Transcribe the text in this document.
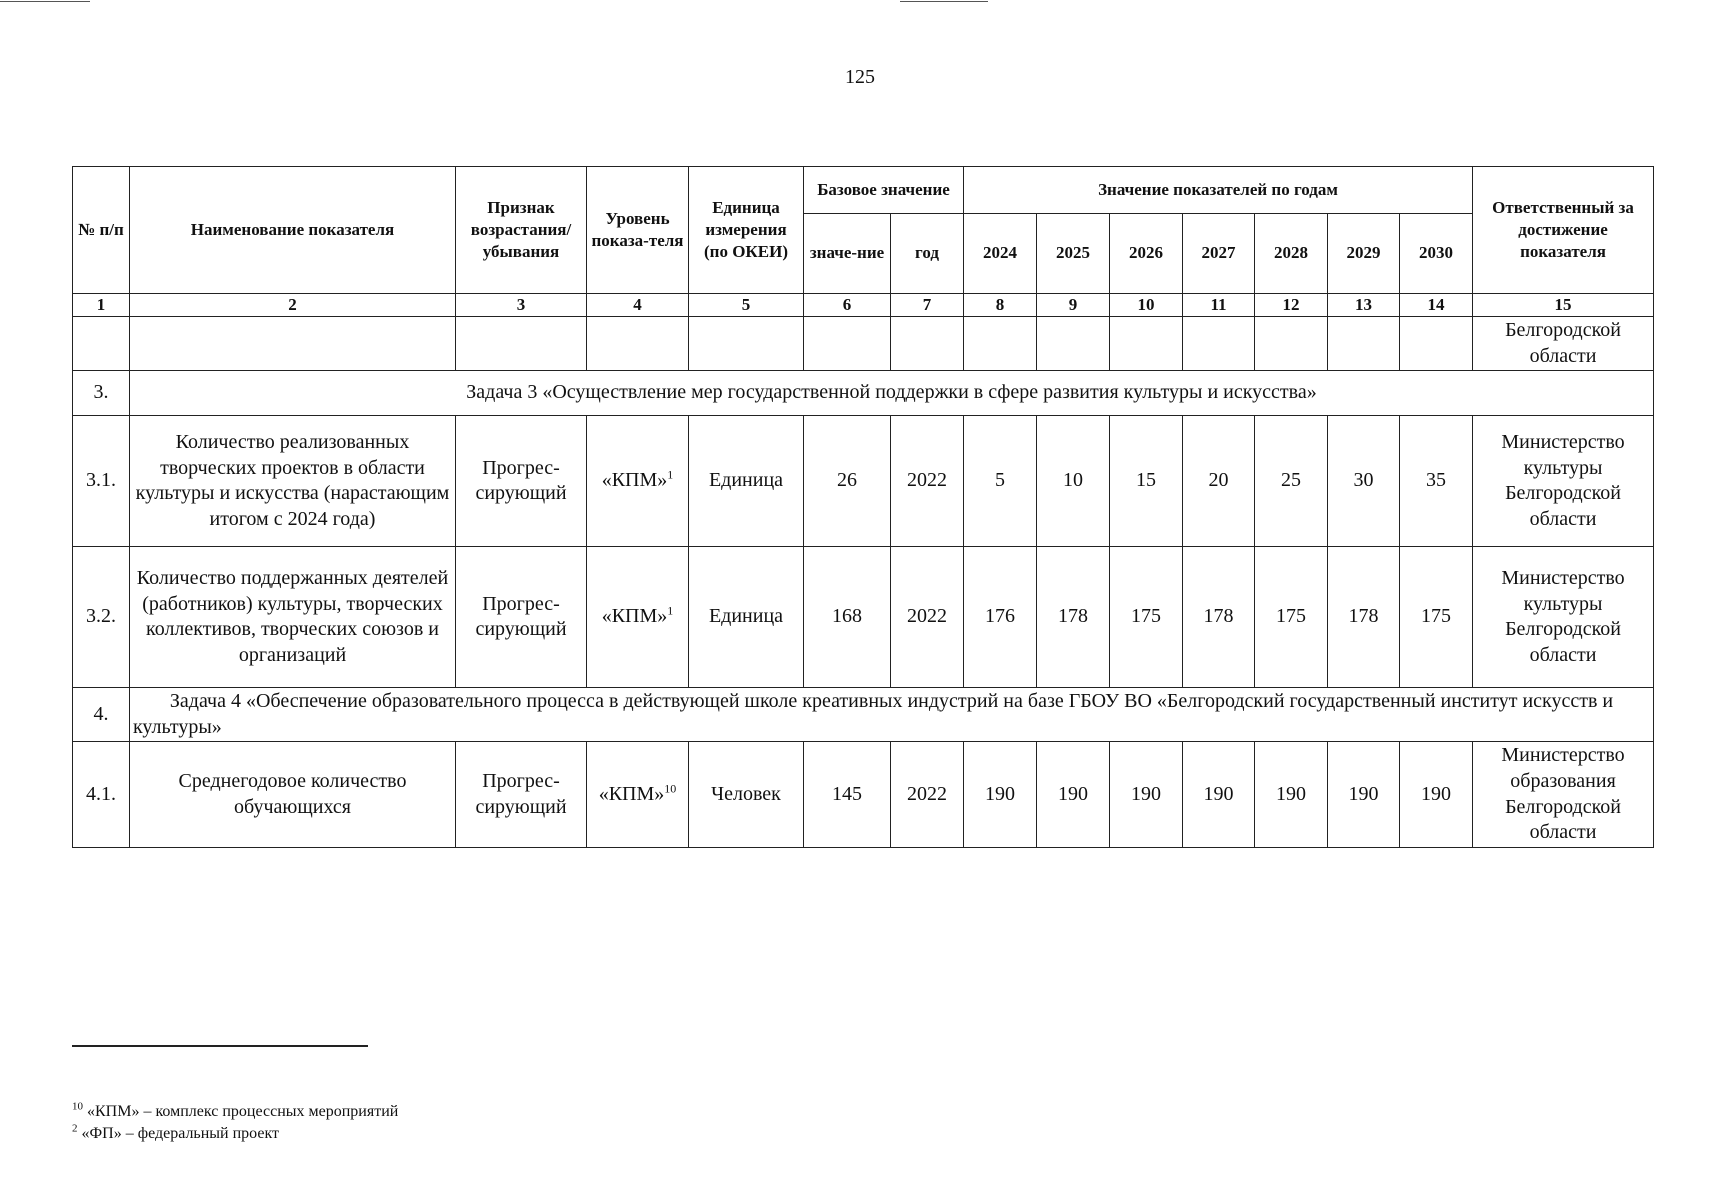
125
№ п/п	Наименование показателя	Признак возрастания/ убывания	Уровень показа-теля	Единица измерения (по ОКЕИ)	Базовое значение		Значение показателей по годам							Ответственный за достижение показателя
					значе-ние	год	2024	2025	2026	2027	2028	2029	2030	
1	2	3	4	5	6	7	8	9	10	11	12	13	14	15
														Белгородской области
3.	Задача 3 «Осуществление мер государственной поддержки в сфере развития культуры и искусства»													
3.1.	Количество реализованных творческих проектов в области культуры и искусства (нарастающим итогом с 2024 года)	Прогрес-сирующий	«КПМ»$^1$	Единица	26	2022	5	10	15	20	25	30	35	Министерство культуры Белгородской области
3.2.	Количество поддержанных деятелей (работников) культуры, творческих коллективов, творческих союзов и организаций	Прогрес-сирующий	«КПМ»$^1$	Единица	168	2022	176	178	175	178	175	178	175	Министерство культуры Белгородской области
4.	Задача 4 «Обеспечение образовательного процесса в действующей школе креативных индустрий на базе ГБОУ ВО «Белгородский государственный институт искусств и культуры»													
4.1.	Среднегодовое количество обучающихся	Прогрес-сирующий	«КПМ»$^{10}$	Человек	145	2022	190	190	190	190	190	190	190	Министерство образования Белгородской области
$^{10}$ «КПМ» – комплекс процессных мероприятий
$^2$ «ФП» – федеральный проект
